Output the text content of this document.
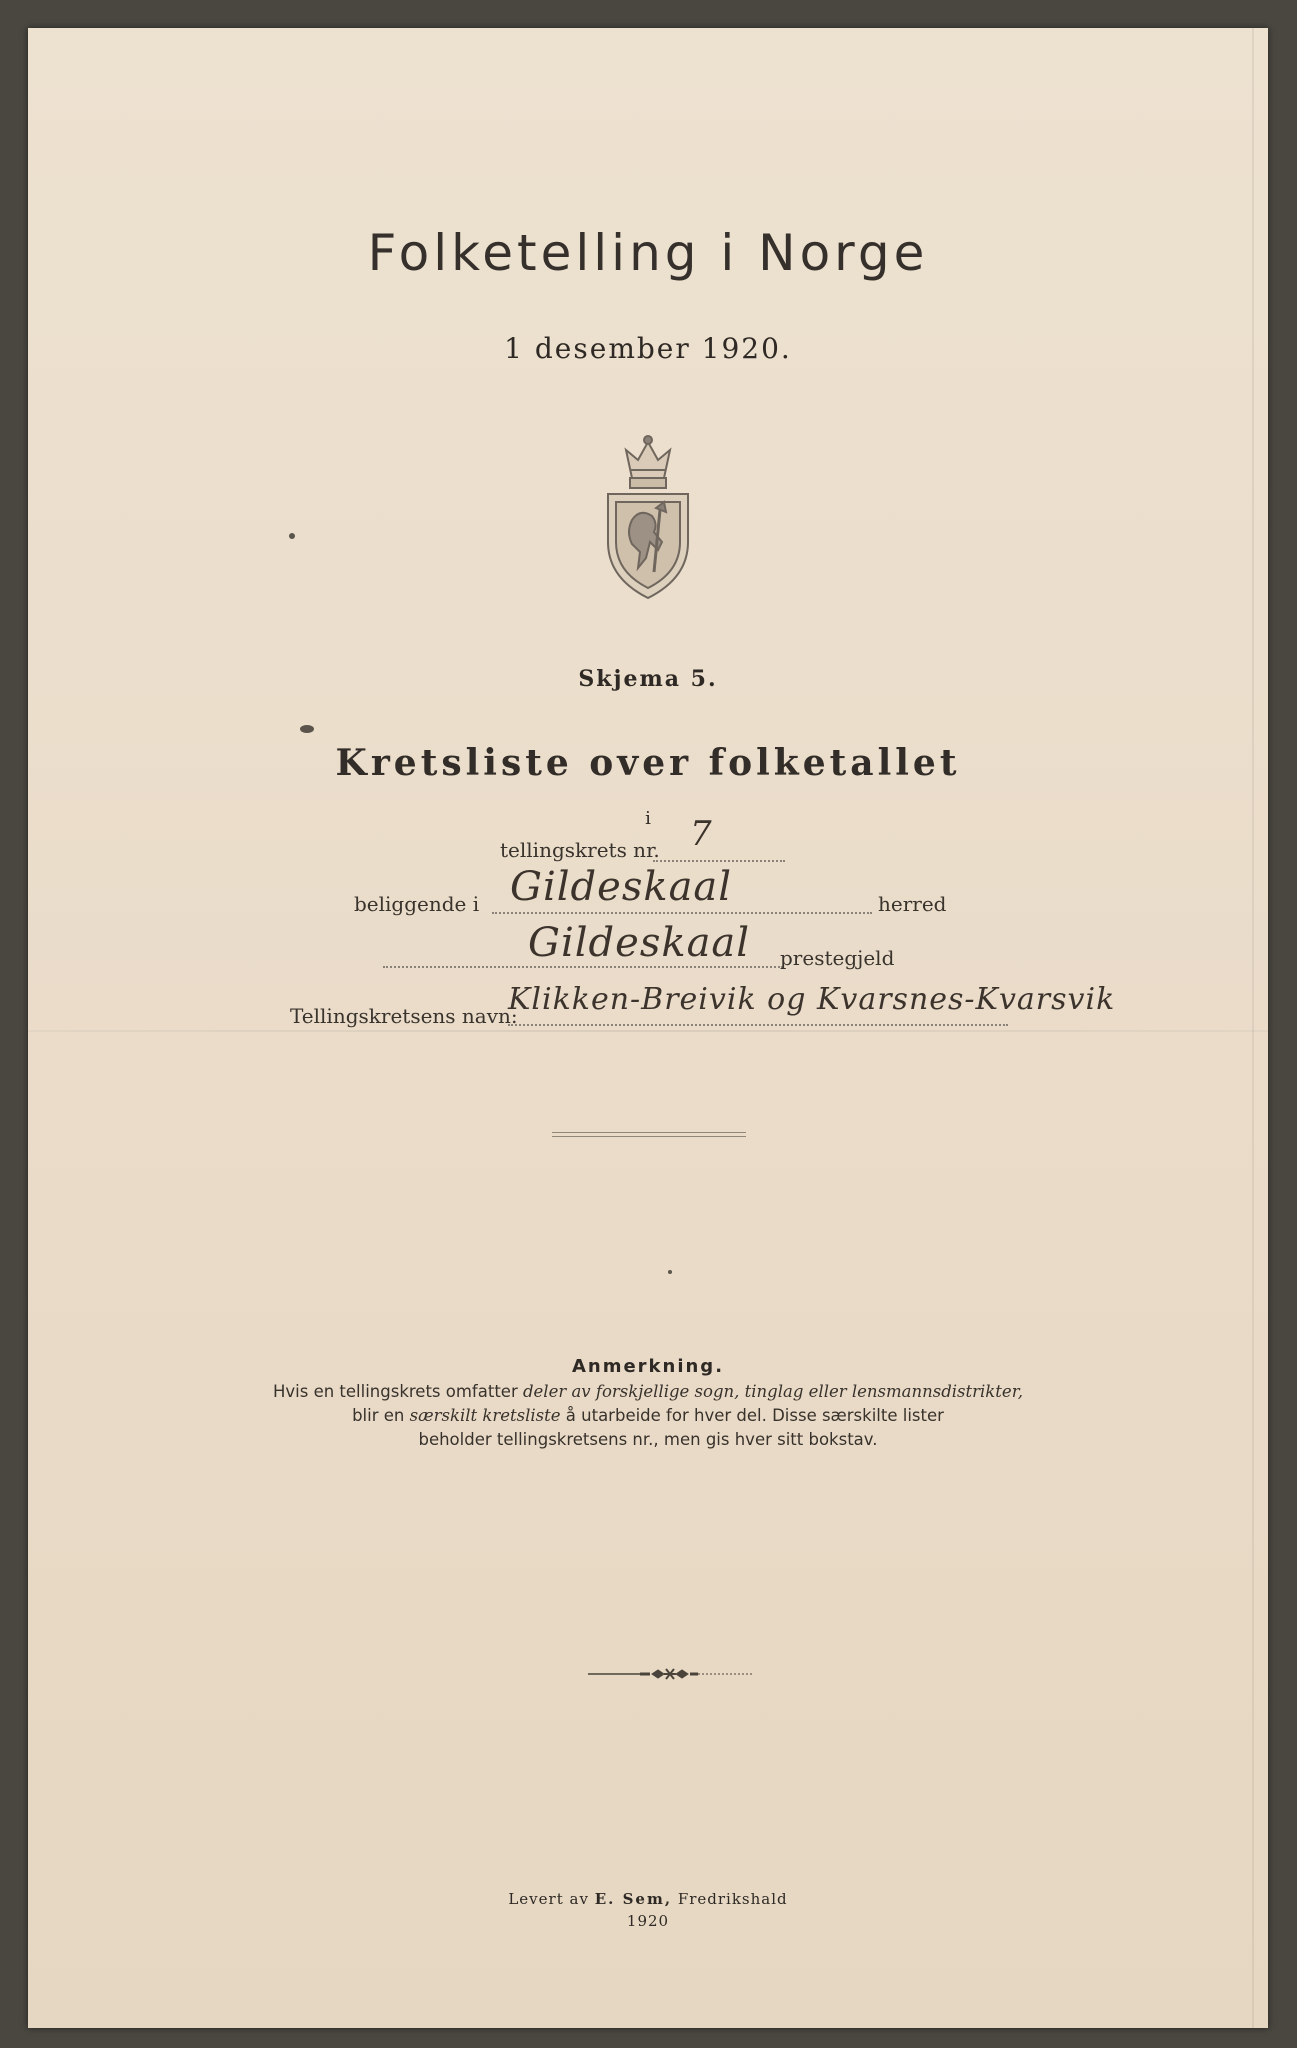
Folketelling i Norge
1 desember 1920.
Skjema 5.
Kretsliste over folketallet
i
tellingskrets nr. 7
beliggende i Gildeskaal	herred
Gildeskaal prestegjeld
Tellingskretsens navn:
Klikken-Breivik og Kvarsnes-Kvarsvik
Anmerkning.
Hvis en tellingskrets omfatter deler av forskjellige sogn, tinglag eller lensmannsdistrikter,
blir en særskilt kretsliste å utarbeide for hver del. Disse særskilte lister
beholder tellingskretsens nr., men gis hver sitt bokstav.
Levert av E. Sem, Fredrikshald
1920
